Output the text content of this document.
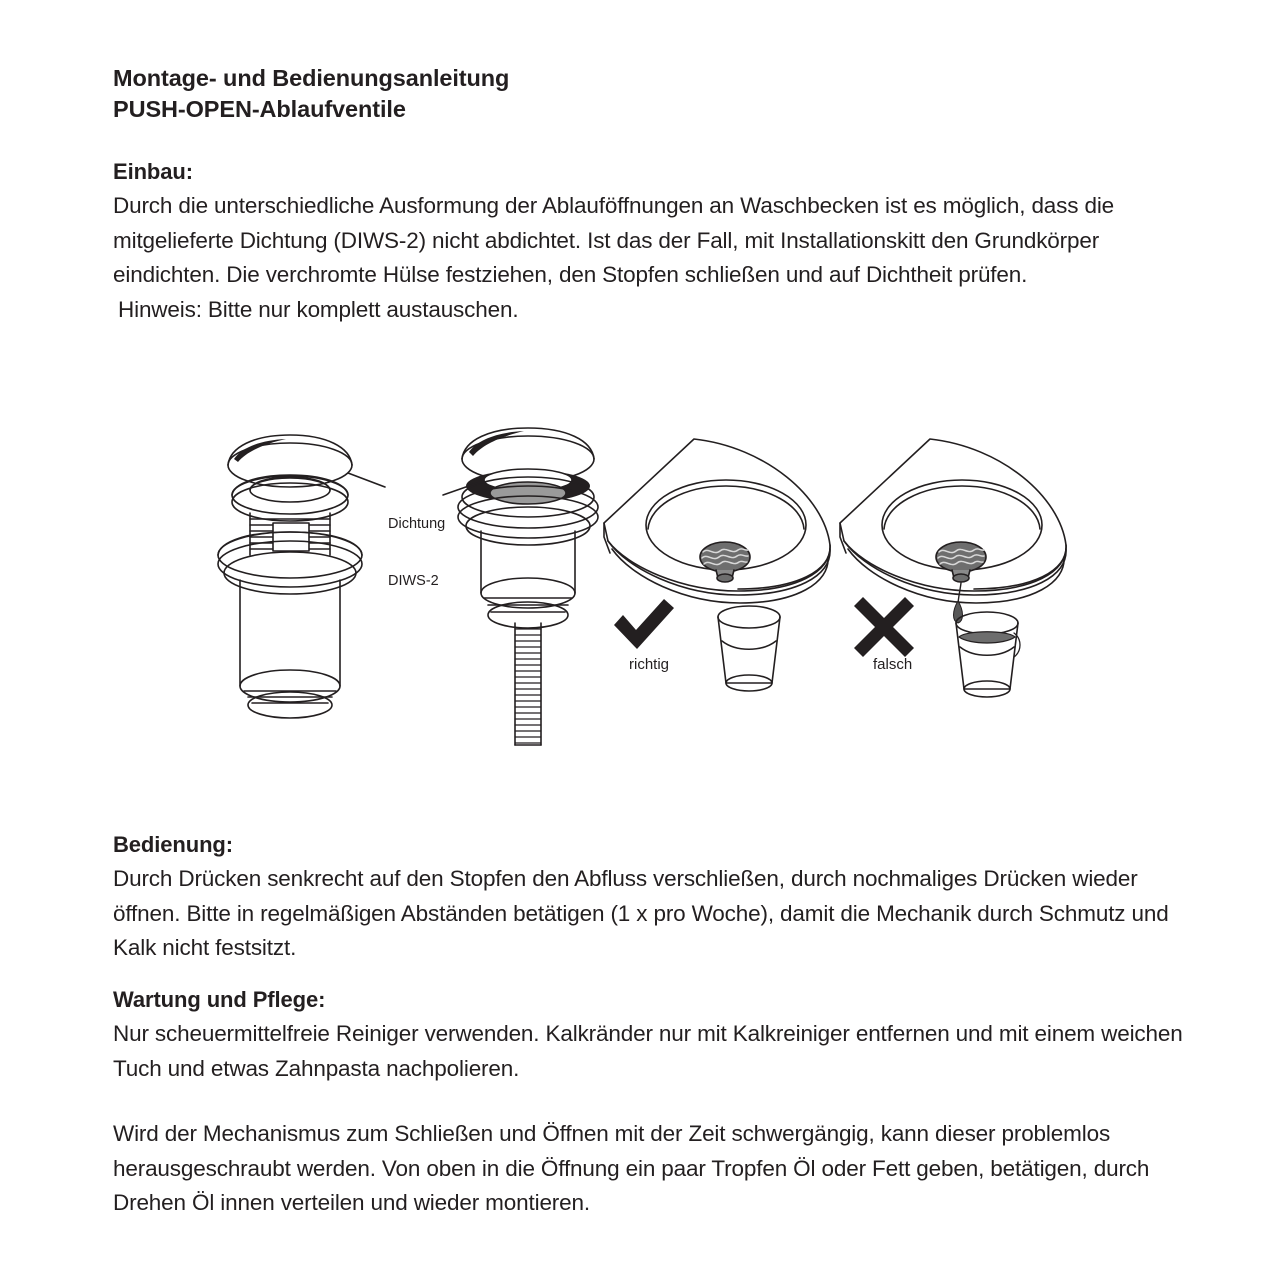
Montage- und Bedienungsanleitung
PUSH-OPEN-Ablaufventile
Einbau:

Durch die unterschiedliche Ausformung der Ablauföffnungen an Waschbecken ist es möglich, dass die mitgelieferte Dichtung (DIWS-2) nicht abdichtet. Ist das der Fall, mit Installationskitt den Grundkörper eindichten. Die verchromte Hülse festziehen, den Stopfen schließen und auf Dichtheit prüfen.

Hinweis: Bitte nur komplett austauschen.

Dichtung

DIWS-2

richtig	falsch
Bedienung:

Durch Drücken senkrecht auf den Stopfen den Abfluss verschließen, durch nochmaliges Drücken wieder öffnen. Bitte in regelmäßigen Abständen betätigen (1 x pro Woche), damit die Mechanik durch Schmutz und Kalk nicht festsitzt.

Wartung und Pflege:

Nur scheuermittelfreie Reiniger verwenden. Kalkränder nur mit Kalkreiniger entfernen und mit einem weichen Tuch und etwas Zahnpasta nachpolieren.

Wird der Mechanismus zum Schließen und Öffnen mit der Zeit schwergängig, kann dieser problemlos herausgeschraubt werden. Von oben in die Öffnung ein paar Tropfen Öl oder Fett geben, betätigen, durch Drehen Öl innen verteilen und wieder montieren.
